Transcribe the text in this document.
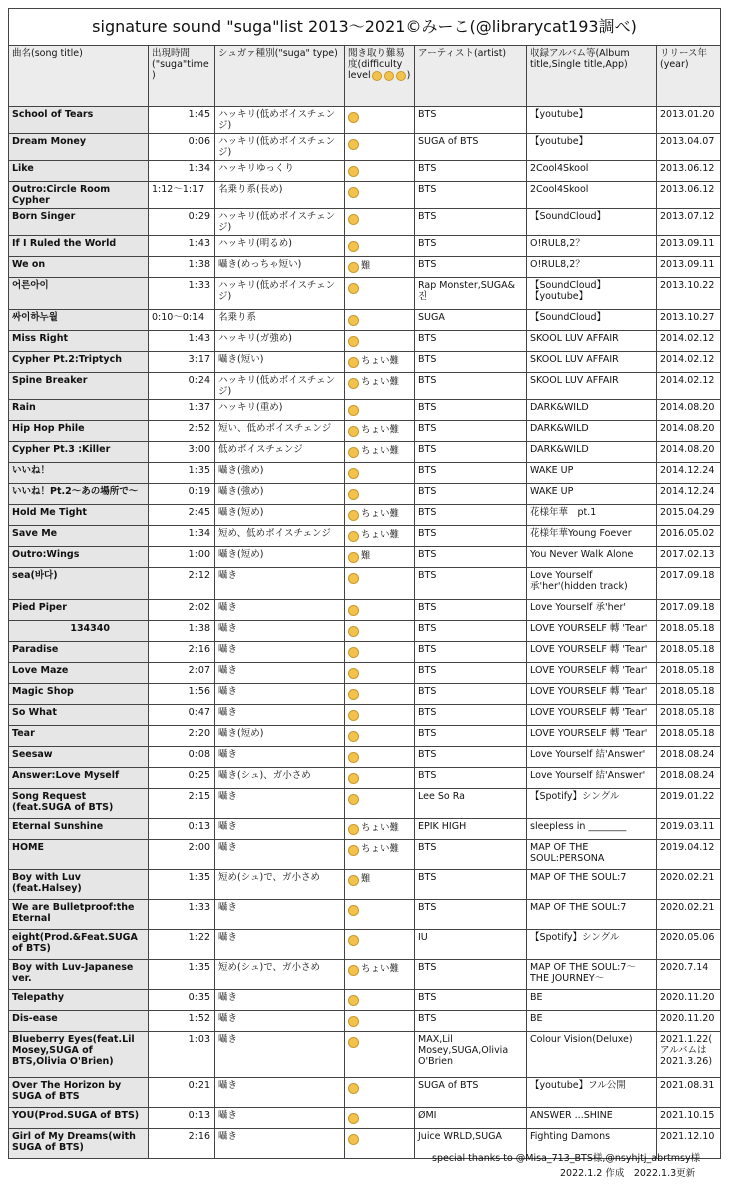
signature sound "suga"list 2013〜2021©みーこ(@librarycat193調べ)						
曲名(song title)	出現時間("suga"time)	シュガァ種別("suga" type)	聞き取り難易度(difficulty level )	アーティスト(artist)	収録アルバム等(Album title,Single title,App)	リリース年(year)
School of Tears	1:45	ハッキリ(低めボイスチェンジ)		BTS	【youtube】	2013.01.20
Dream Money	0:06	ハッキリ(低めボイスチェンジ)		SUGA of BTS	【youtube】	2013.04.07
Like	1:34	ハッキリゆっくり		BTS	2Cool4Skool	2013.06.12
Outro:Circle Room Cypher	1:12〜1:17	名乗り系(長め)		BTS	2Cool4Skool	2013.06.12
Born Singer	0:29	ハッキリ(低めボイスチェンジ)		BTS	【SoundCloud】	2013.07.12
If I Ruled the World	1:43	ハッキリ(明るめ)		BTS	O!RUL8,2？	2013.09.11
We on	1:38	囁き(めっちゃ短い)	難	BTS	O!RUL8,2？	2013.09.11
어른아이	1:33	ハッキリ(低めボイスチェンジ)		Rap Monster,SUGA&진	【SoundCloud】【youtube】	2013.10.22
싸이하누월	0:10〜0:14	名乗り系		SUGA	【SoundCloud】	2013.10.27
Miss Right	1:43	ハッキリ(ガ強め)		BTS	SKOOL LUV AFFAIR	2014.02.12
Cypher Pt.2:Triptych	3:17	囁き(短い)	ちょい難	BTS	SKOOL LUV AFFAIR	2014.02.12
Spine Breaker	0:24	ハッキリ(低めボイスチェンジ)	ちょい難	BTS	SKOOL LUV AFFAIR	2014.02.12
Rain	1:37	ハッキリ(重め)		BTS	DARK&WILD	2014.08.20
Hip Hop Phile	2:52	短い、低めボイスチェンジ	ちょい難	BTS	DARK&WILD	2014.08.20
Cypher Pt.3 :Killer	3:00	低めボイスチェンジ	ちょい難	BTS	DARK&WILD	2014.08.20
いいね！	1:35	囁き(強め)		BTS	WAKE UP	2014.12.24
いいね！Pt.2〜あの場所で〜	0:19	囁き(強め)		BTS	WAKE UP	2014.12.24
Hold Me Tight	2:45	囁き(短め)	ちょい難	BTS	花様年華　pt.1	2015.04.29
Save Me	1:34	短め、低めボイスチェンジ	ちょい難	BTS	花様年華Young Foever	2016.05.02
Outro:Wings	1:00	囁き(短め)	難	BTS	You Never Walk Alone	2017.02.13
sea(바다)	2:12	囁き		BTS	Love Yourself 承'her'(hidden track)	2017.09.18
Pied Piper	2:02	囁き		BTS	Love Yourself 承'her'	2017.09.18
134340	1:38	囁き		BTS	LOVE YOURSELF 轉 'Tear'	2018.05.18
Paradise	2:16	囁き		BTS	LOVE YOURSELF 轉 'Tear'	2018.05.18
Love Maze	2:07	囁き		BTS	LOVE YOURSELF 轉 'Tear'	2018.05.18
Magic Shop	1:56	囁き		BTS	LOVE YOURSELF 轉 'Tear'	2018.05.18
So What	0:47	囁き		BTS	LOVE YOURSELF 轉 'Tear'	2018.05.18
Tear	2:20	囁き(短め)		BTS	LOVE YOURSELF 轉 'Tear'	2018.05.18
Seesaw	0:08	囁き		BTS	Love Yourself 結'Answer'	2018.08.24
Answer:Love Myself	0:25	囁き(シュ)、ガ小さめ		BTS	Love Yourself 結'Answer'	2018.08.24
Song Request (feat.SUGA of BTS)	2:15	囁き		Lee So Ra	【Spotify】シングル	2019.01.22
Eternal Sunshine	0:13	囁き	ちょい難	EPIK HIGH	sleepless in ________	2019.03.11
HOME	2:00	囁き	ちょい難	BTS	MAP OF THE SOUL:PERSONA	2019.04.12
Boy with Luv (feat.Halsey)	1:35	短め(シュ)で、ガ小さめ	難	BTS	MAP OF THE SOUL:7	2020.02.21
We are Bulletproof:the Eternal	1:33	囁き		BTS	MAP OF THE SOUL:7	2020.02.21
eight(Prod.&Feat.SUGA of BTS)	1:22	囁き		IU	【Spotify】シングル	2020.05.06
Boy with Luv-Japanese ver.	1:35	短め(シュ)で、ガ小さめ	ちょい難	BTS	MAP OF THE SOUL:7〜THE JOURNEY〜	2020.7.14
Telepathy	0:35	囁き		BTS	BE	2020.11.20
Dis-ease	1:52	囁き		BTS	BE	2020.11.20
Blueberry Eyes(feat.Lil Mosey,SUGA of BTS,Olivia O'Brien)	1:03	囁き		MAX,Lil Mosey,SUGA,Olivia O'Brien	Colour Vision(Deluxe)	2021.1.22(アルバムは2021.3.26)
Over The Horizon by SUGA of BTS	0:21	囁き		SUGA of BTS	【youtube】フル公開	2021.08.31
YOU(Prod.SUGA of BTS)	0:13	囁き		ØMI	ANSWER ...SHINE	2021.10.15
Girl of My Dreams(with SUGA of BTS)	2:16	囁き		Juice WRLD,SUGA	Fighting Damons	2021.12.10
special thanks to @Misa_713_BTS様,@nsyhjtj_abrtmsy様
2022.1.2 作成　2022.1.3更新
